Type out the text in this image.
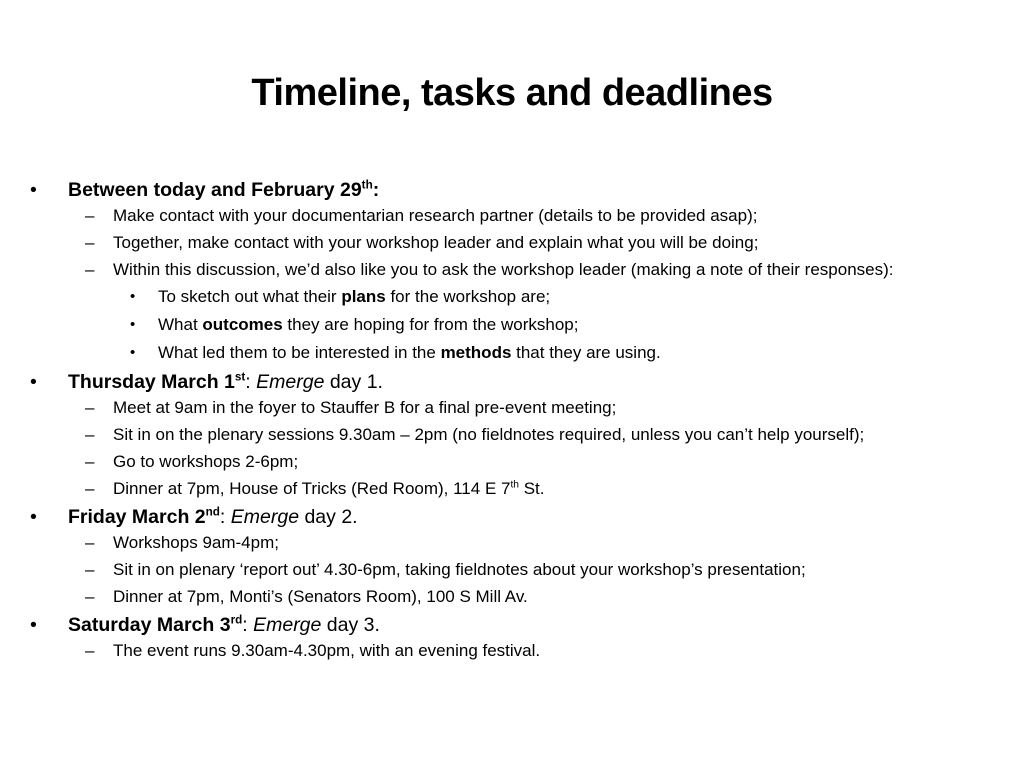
Timeline, tasks and deadlines
• Between today and February 29th:
– Make contact with your documentarian research partner (details to be provided asap);
– Together, make contact with your workshop leader and explain what you will be doing;
– Within this discussion, we’d also like you to ask the workshop leader (making a note of their responses):
• To sketch out what their plans for the workshop are;
• What outcomes they are hoping for from the workshop;
• What led them to be interested in the methods that they are using.
• Thursday March 1st: Emerge day 1.
– Meet at 9am in the foyer to Stauffer B for a final pre-event meeting;
– Sit in on the plenary sessions 9.30am – 2pm (no fieldnotes required, unless you can’t help yourself);
– Go to workshops 2-6pm;
– Dinner at 7pm, House of Tricks (Red Room), 114 E 7th St.
• Friday March 2nd: Emerge day 2.
– Workshops 9am-4pm;
– Sit in on plenary ‘report out’ 4.30-6pm, taking fieldnotes about your workshop’s presentation;
– Dinner at 7pm, Monti’s (Senators Room), 100 S Mill Av.
• Saturday March 3rd: Emerge day 3.
– The event runs 9.30am-4.30pm, with an evening festival.
